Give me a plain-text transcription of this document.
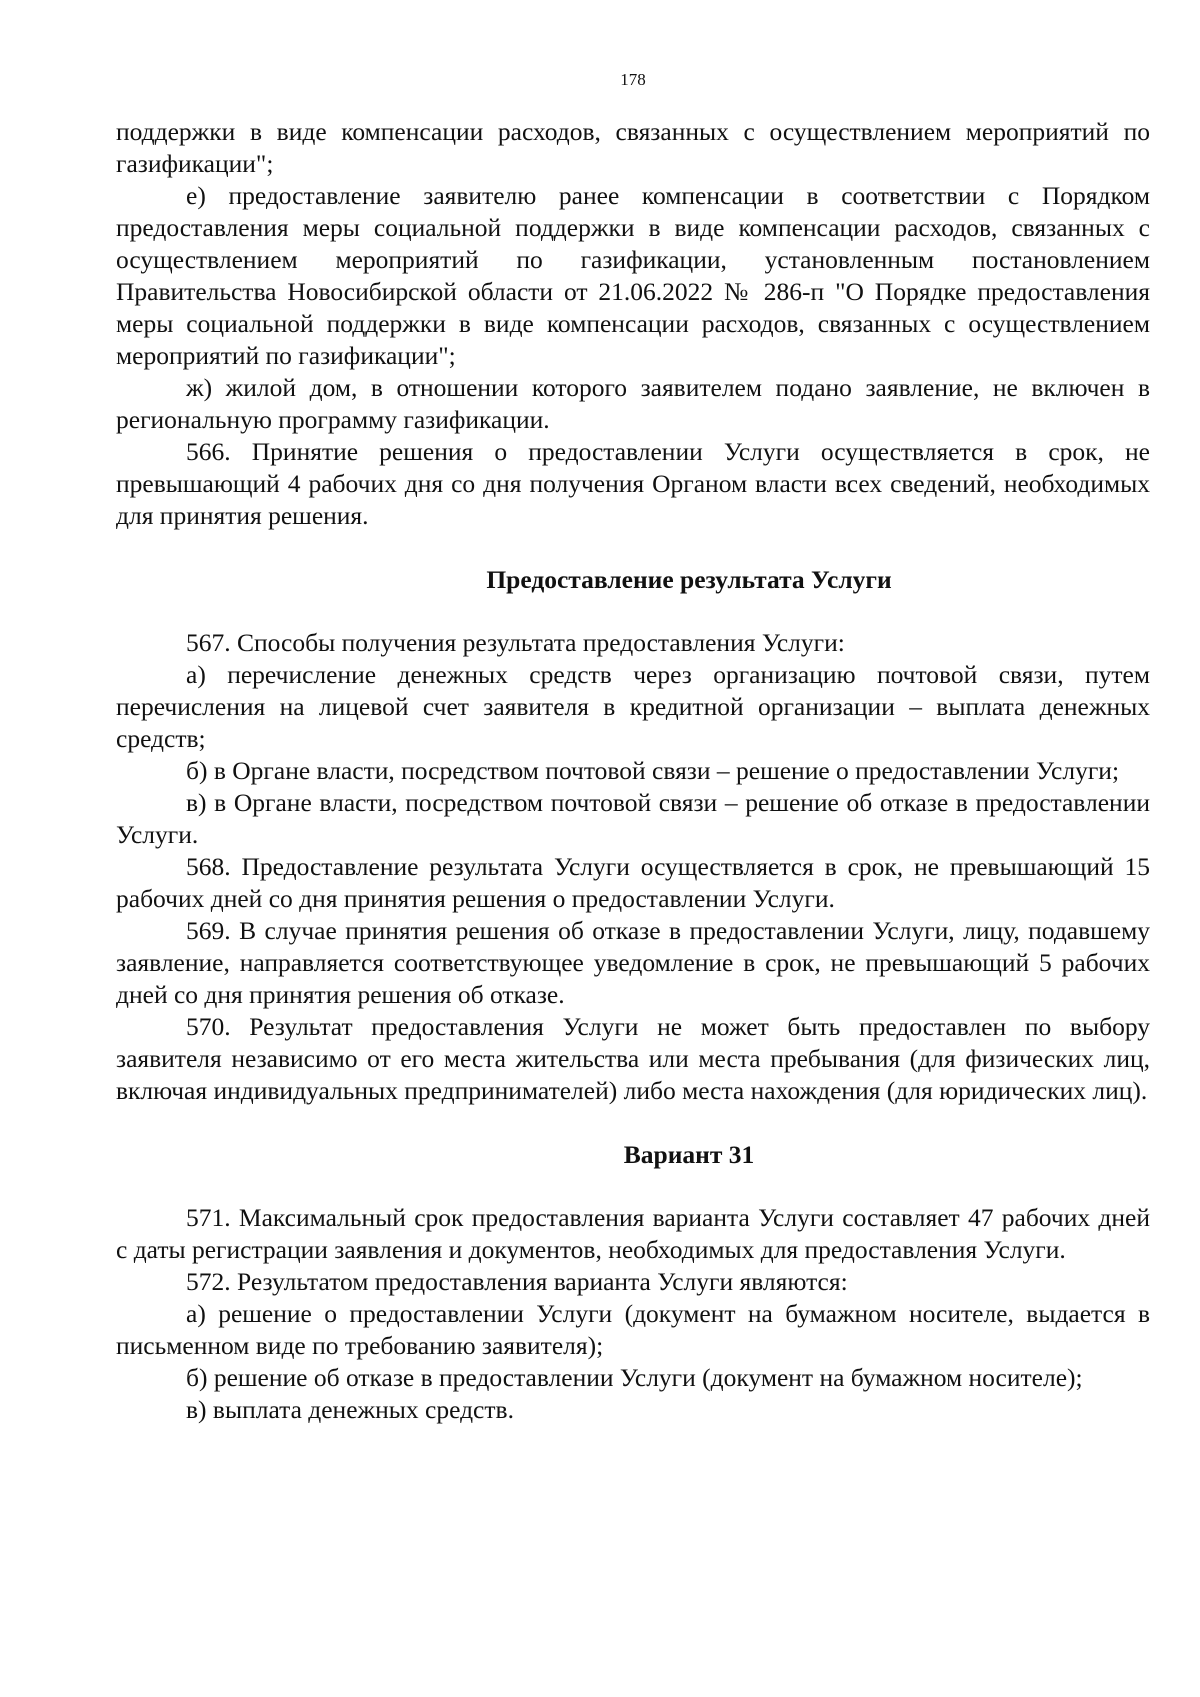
178

поддержки в виде компенсации расходов, связанных с осуществлением мероприятий по газификации";

е) предоставление заявителю ранее компенсации в соответствии с Порядком предоставления меры социальной поддержки в виде компенсации расходов, связанных с осуществлением мероприятий по газификации, установленным постановлением Правительства Новосибирской области от 21.06.2022 № 286-п "О Порядке предоставления меры социальной поддержки в виде компенсации расходов, связанных с осуществлением мероприятий по газификации";

ж) жилой дом, в отношении которого заявителем подано заявление, не включен в региональную программу газификации.

566. Принятие решения о предоставлении Услуги осуществляется в срок, не превышающий 4 рабочих дня со дня получения Органом власти всех сведений, необходимых для принятия решения.

Предоставление результата Услуги

567. Способы получения результата предоставления Услуги:

а) перечисление денежных средств через организацию почтовой связи, путем перечисления на лицевой счет заявителя в кредитной организации – выплата денежных средств;

б) в Органе власти, посредством почтовой связи – решение о предоставлении Услуги;

в) в Органе власти, посредством почтовой связи – решение об отказе в предоставлении Услуги.

568. Предоставление результата Услуги осуществляется в срок, не превышающий 15 рабочих дней со дня принятия решения о предоставлении Услуги.

569. В случае принятия решения об отказе в предоставлении Услуги, лицу, подавшему заявление, направляется соответствующее уведомление в срок, не превышающий 5 рабочих дней со дня принятия решения об отказе.

570. Результат предоставления Услуги не может быть предоставлен по выбору заявителя независимо от его места жительства или места пребывания (для физических лиц, включая индивидуальных предпринимателей) либо места нахождения (для юридических лиц).

Вариант 31

571. Максимальный срок предоставления варианта Услуги составляет 47 рабочих дней с даты регистрации заявления и документов, необходимых для предоставления Услуги.

572. Результатом предоставления варианта Услуги являются:

а) решение о предоставлении Услуги (документ на бумажном носителе, выдается в письменном виде по требованию заявителя);

б) решение об отказе в предоставлении Услуги (документ на бумажном носителе);

в) выплата денежных средств.
